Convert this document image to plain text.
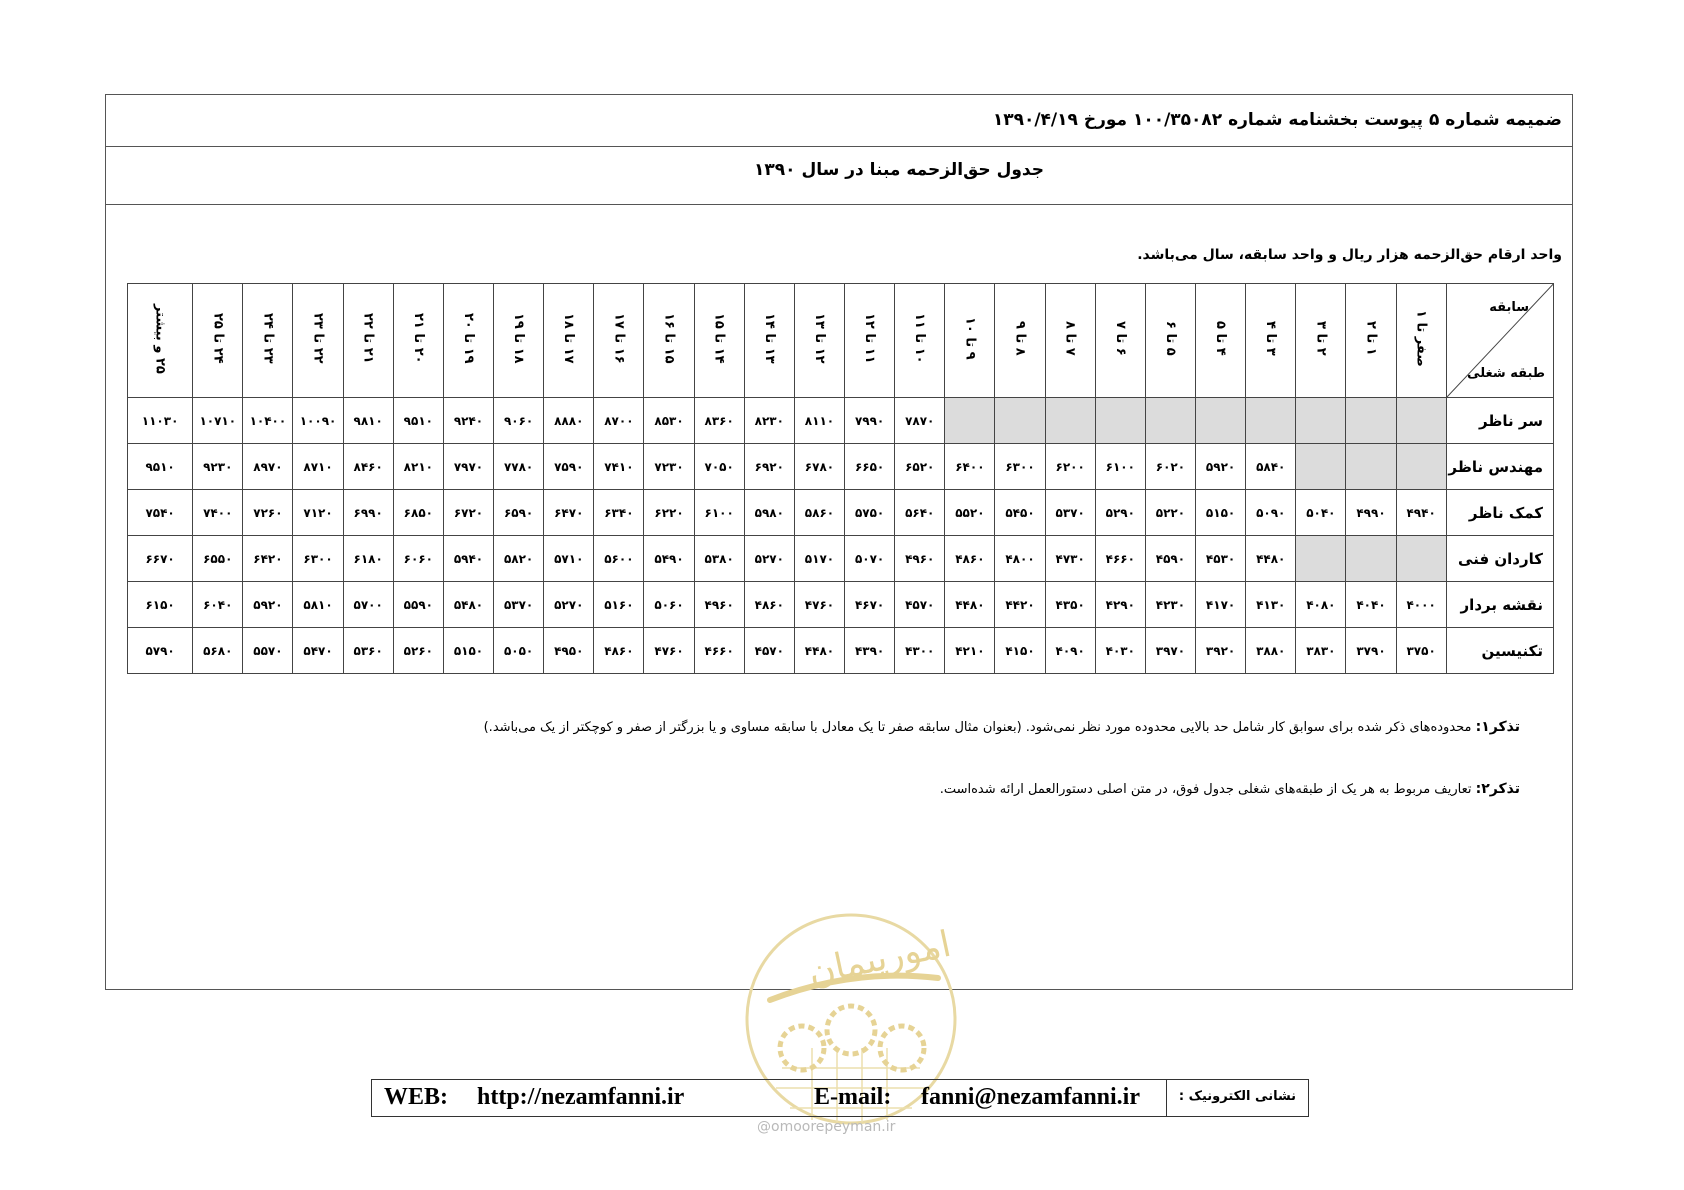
ضمیمه شماره ۵ پیوست بخشنامه شماره ۱۰۰/۳۵۰۸۲ مورخ ۱۳۹۰/۴/۱۹
جدول حق‌الزحمه مبنا در سال ۱۳۹۰
واحد ارقام حق‌الزحمه هزار ریال و واحد سابقه، سال می‌باشد.
سابقه
طبقه شغلی	صفر تا ۱	۱ تا ۲	۲ تا ۳	۳ تا ۴	۴ تا ۵	۵ تا ۶	۶ تا ۷	۷ تا ۸	۸ تا ۹	۹ تا ۱۰	۱۰ تا ۱۱	۱۱ تا ۱۲	۱۲ تا ۱۳	۱۳ تا ۱۴	۱۴ تا ۱۵	۱۵ تا ۱۶	۱۶ تا ۱۷	۱۷ تا ۱۸	۱۸ تا ۱۹	۱۹ تا ۲۰	۲۰ تا ۲۱	۲۱ تا ۲۲	۲۲ تا ۲۳	۲۳ تا ۲۴	۲۴ تا ۲۵	۲۵ و بیشتر
سر ناظر											۷۸۷۰	۷۹۹۰	۸۱۱۰	۸۲۳۰	۸۳۶۰	۸۵۳۰	۸۷۰۰	۸۸۸۰	۹۰۶۰	۹۲۴۰	۹۵۱۰	۹۸۱۰	۱۰۰۹۰	۱۰۴۰۰	۱۰۷۱۰	۱۱۰۳۰
مهندس ناظر				۵۸۴۰	۵۹۲۰	۶۰۲۰	۶۱۰۰	۶۲۰۰	۶۳۰۰	۶۴۰۰	۶۵۲۰	۶۶۵۰	۶۷۸۰	۶۹۲۰	۷۰۵۰	۷۲۳۰	۷۴۱۰	۷۵۹۰	۷۷۸۰	۷۹۷۰	۸۲۱۰	۸۴۶۰	۸۷۱۰	۸۹۷۰	۹۲۳۰	۹۵۱۰
کمک ناظر	۴۹۴۰	۴۹۹۰	۵۰۴۰	۵۰۹۰	۵۱۵۰	۵۲۲۰	۵۲۹۰	۵۳۷۰	۵۴۵۰	۵۵۲۰	۵۶۴۰	۵۷۵۰	۵۸۶۰	۵۹۸۰	۶۱۰۰	۶۲۲۰	۶۳۴۰	۶۴۷۰	۶۵۹۰	۶۷۲۰	۶۸۵۰	۶۹۹۰	۷۱۲۰	۷۲۶۰	۷۴۰۰	۷۵۴۰
کاردان فنی				۴۴۸۰	۴۵۳۰	۴۵۹۰	۴۶۶۰	۴۷۳۰	۴۸۰۰	۴۸۶۰	۴۹۶۰	۵۰۷۰	۵۱۷۰	۵۲۷۰	۵۳۸۰	۵۴۹۰	۵۶۰۰	۵۷۱۰	۵۸۲۰	۵۹۴۰	۶۰۶۰	۶۱۸۰	۶۳۰۰	۶۴۲۰	۶۵۵۰	۶۶۷۰
نقشه بردار	۴۰۰۰	۴۰۴۰	۴۰۸۰	۴۱۳۰	۴۱۷۰	۴۲۳۰	۴۲۹۰	۴۳۵۰	۴۴۲۰	۴۴۸۰	۴۵۷۰	۴۶۷۰	۴۷۶۰	۴۸۶۰	۴۹۶۰	۵۰۶۰	۵۱۶۰	۵۲۷۰	۵۳۷۰	۵۴۸۰	۵۵۹۰	۵۷۰۰	۵۸۱۰	۵۹۲۰	۶۰۴۰	۶۱۵۰
تکنیسین	۳۷۵۰	۳۷۹۰	۳۸۳۰	۳۸۸۰	۳۹۲۰	۳۹۷۰	۴۰۳۰	۴۰۹۰	۴۱۵۰	۴۲۱۰	۴۳۰۰	۴۳۹۰	۴۴۸۰	۴۵۷۰	۴۶۶۰	۴۷۶۰	۴۸۶۰	۴۹۵۰	۵۰۵۰	۵۱۵۰	۵۲۶۰	۵۳۶۰	۵۴۷۰	۵۵۷۰	۵۶۸۰	۵۷۹۰
تذکر۱: محدوده‌های ذکر شده برای سوابق کار شامل حد بالایی محدوده مورد نظر نمی‌شود. (بعنوان مثال سابقه صفر تا یک معادل با سابقه مساوی و یا بزرگتر از صفر و کوچکتر از یک می‌باشد.)
تذکر۲: تعاریف مربوط به هر یک از طبقه‌های شغلی جدول فوق، در متن اصلی دستورالعمل ارائه شده‌است.
امورپیمان
WEB: http://nezamfanni.ir	E-mail: fanni@nezamfanni.ir	نشانی الکترونیک :
@omoorepeyman.ir
